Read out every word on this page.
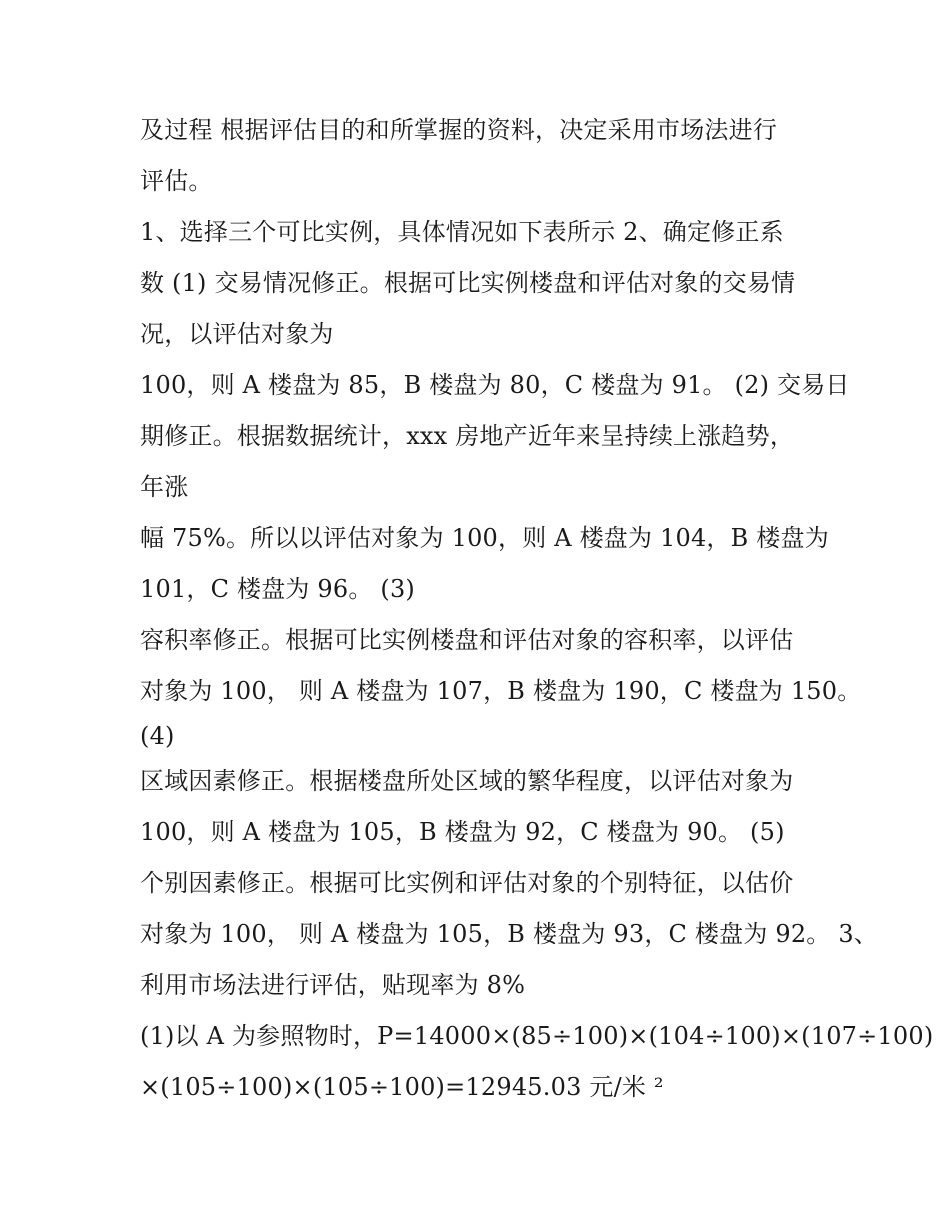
及过程 根据评估目的和所掌握的资料，决定采用市场法进行

评估。

1、选择三个可比实例，具体情况如下表所示 2、确定修正系

数 (1) 交易情况修正。根据可比实例楼盘和评估对象的交易情

况，以评估对象为

100，则 A 楼盘为 85，B 楼盘为 80，C 楼盘为 91。 (2) 交易日

期修正。根据数据统计，xxx 房地产近年来呈持续上涨趋势，

年涨

幅 75%。所以以评估对象为 100，则 A 楼盘为 104，B 楼盘为

101，C 楼盘为 96。 (3)

容积率修正。根据可比实例楼盘和评估对象的容积率，以评估

对象为 100， 则 A 楼盘为 107，B 楼盘为 190，C 楼盘为 150。

(4)

区域因素修正。根据楼盘所处区域的繁华程度，以评估对象为

100，则 A 楼盘为 105，B 楼盘为 92，C 楼盘为 90。 (5)

个别因素修正。根据可比实例和评估对象的个别特征，以估价

对象为 100， 则 A 楼盘为 105，B 楼盘为 93，C 楼盘为 92。 3、

利用市场法进行评估，贴现率为 8%

(1)以 A 为参照物时，P=14000×(85÷100)×(104÷100)×(107÷100)

×(105÷100)×(105÷100)=12945.03 元/米 ²
